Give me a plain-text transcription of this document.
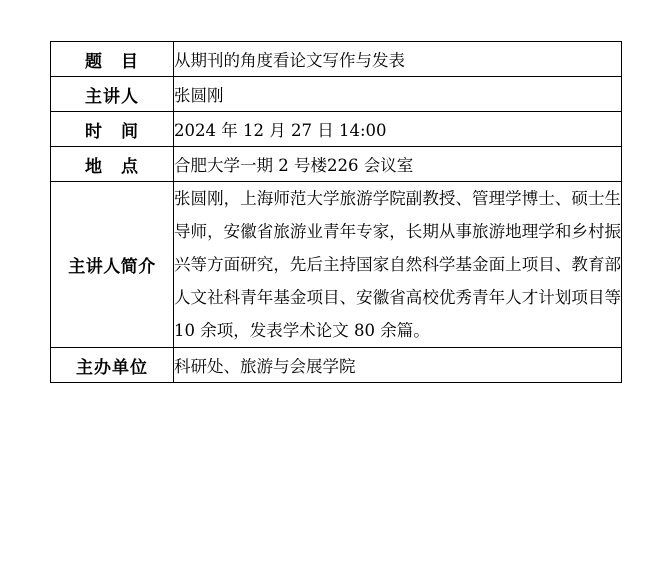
题　目	从期刊的角度看论文写作与发表
主讲人	张圆刚
时　间	2024 年 12 月 27 日 14:00
地　点	合肥大学一期 2 号楼226 会议室
主讲人简介	张圆刚，上海师范大学旅游学院副教授、管理学博士、硕士生导师，安徽省旅游业青年专家，长期从事旅游地理学和乡村振兴等方面研究，先后主持国家自然科学基金面上项目、教育部人文社科青年基金项目、安徽省高校优秀青年人才计划项目等 10 余项，发表学术论文 80 余篇。
主办单位	科研处、旅游与会展学院
